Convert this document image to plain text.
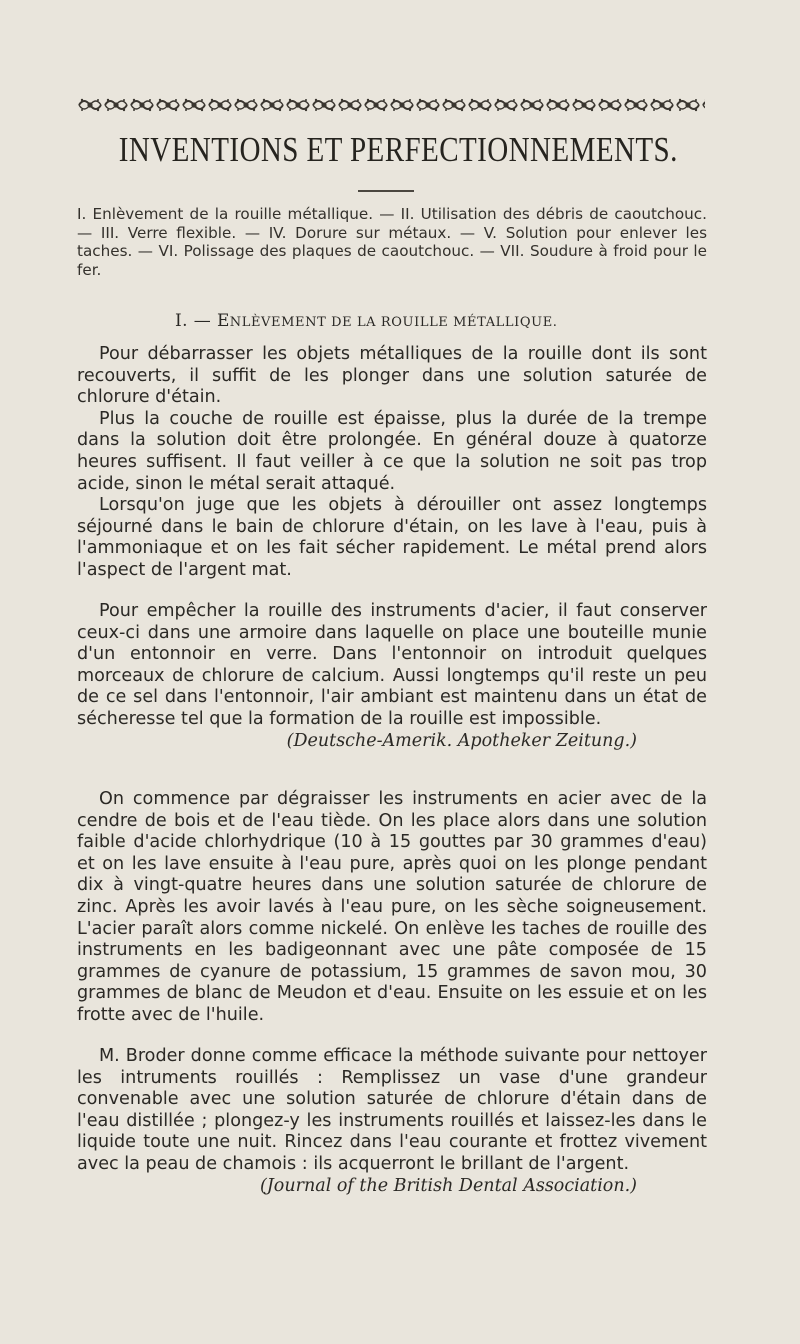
INVENTIONS ET PERFECTIONNEMENTS.
I. Enlèvement de la rouille métallique. — II. Utilisation des débris de caoutchouc. — III. Verre flexible. — IV. Dorure sur métaux. — V. Solution pour enlever les taches. — VI. Polissage des plaques de caoutchouc. — VII. Soudure à froid pour le fer.
I. — ENLÈVEMENT DE LA ROUILLE MÉTALLIQUE.

Pour débarrasser les objets métalliques de la rouille dont ils sont recouverts, il suffit de les plonger dans une solution saturée de chlorure d'étain.

Plus la couche de rouille est épaisse, plus la durée de la trempe dans la solution doit être prolongée. En général douze à quatorze heures suffisent. Il faut veiller à ce que la solution ne soit pas trop acide, sinon le métal serait attaqué.

Lorsqu'on juge que les objets à dérouiller ont assez longtemps séjourné dans le bain de chlorure d'étain, on les lave à l'eau, puis à l'ammoniaque et on les fait sécher rapidement. Le métal prend alors l'aspect de l'argent mat.

Pour empêcher la rouille des instruments d'acier, il faut conserver ceux-ci dans une armoire dans laquelle on place une bouteille munie d'un entonnoir en verre. Dans l'entonnoir on introduit quelques morceaux de chlorure de calcium. Aussi longtemps qu'il reste un peu de ce sel dans l'entonnoir, l'air ambiant est maintenu dans un état de sécheresse tel que la formation de la rouille est impossible.

(Deutsche-Amerik. Apotheker Zeitung.)

On commence par dégraisser les instruments en acier avec de la cendre de bois et de l'eau tiède. On les place alors dans une solution faible d'acide chlorhydrique (10 à 15 gouttes par 30 grammes d'eau) et on les lave ensuite à l'eau pure, après quoi on les plonge pendant dix à vingt-quatre heures dans une solution saturée de chlorure de zinc. Après les avoir lavés à l'eau pure, on les sèche soigneusement. L'acier paraît alors comme nickelé. On enlève les taches de rouille des instruments en les badigeonnant avec une pâte composée de 15 grammes de cyanure de potassium, 15 grammes de savon mou, 30 grammes de blanc de Meudon et d'eau. Ensuite on les essuie et on les frotte avec de l'huile.

M. Broder donne comme efficace la méthode suivante pour nettoyer les intruments rouillés : Remplissez un vase d'une grandeur convenable avec une solution saturée de chlorure d'étain dans de l'eau distillée ; plongez-y les instruments rouillés et laissez-les dans le liquide toute une nuit. Rincez dans l'eau courante et frottez vivement avec la peau de chamois : ils acquerront le brillant de l'argent.

(Journal of the British Dental Association.)
